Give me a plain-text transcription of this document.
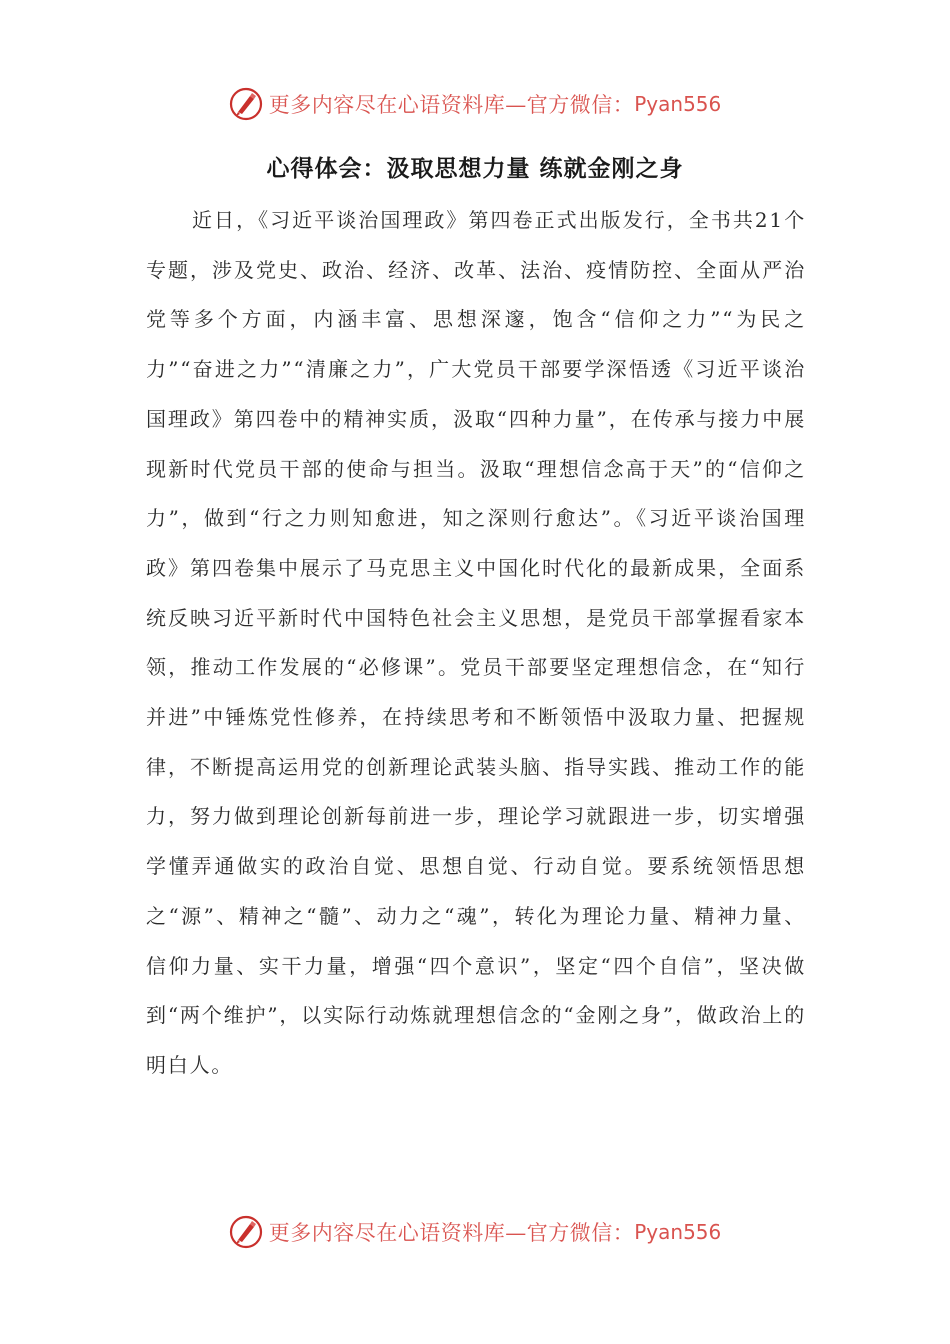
更多内容尽在心语资料库—官方微信： Pyan556
心得体会：汲取思想力量 练就金刚之身

近日，《习近平谈治国理政》第四卷正式出版发行，全书共21个专题，涉及党史、政治、经济、改革、法治、疫情防控、全面从严治党等多个方面，内涵丰富、思想深邃，饱含“信仰之力”“为民之力”“奋进之力”“清廉之力”，广大党员干部要学深悟透《习近平谈治国理政》第四卷中的精神实质，汲取“四种力量”，在传承与接力中展现新时代党员干部的使命与担当。汲取“理想信念高于天”的“信仰之力”，做到“行之力则知愈进，知之深则行愈达”。《习近平谈治国理政》第四卷集中展示了马克思主义中国化时代化的最新成果，全面系统反映习近平新时代中国特色社会主义思想，是党员干部掌握看家本领，推动工作发展的“必修课”。党员干部要坚定理想信念，在“知行并进”中锤炼党性修养，在持续思考和不断领悟中汲取力量、把握规律，不断提高运用党的创新理论武装头脑、指导实践、推动工作的能力，努力做到理论创新每前进一步，理论学习就跟进一步，切实增强学懂弄通做实的政治自觉、思想自觉、行动自觉。要系统领悟思想之“源”、精神之“髓”、动力之“魂”，转化为理论力量、精神力量、信仰力量、实干力量，增强“四个意识”，坚定“四个自信”，坚决做到“两个维护”，以实际行动炼就理想信念的“金刚之身”，做政治上的明白人。

更多内容尽在心语资料库—官方微信： Pyan556
